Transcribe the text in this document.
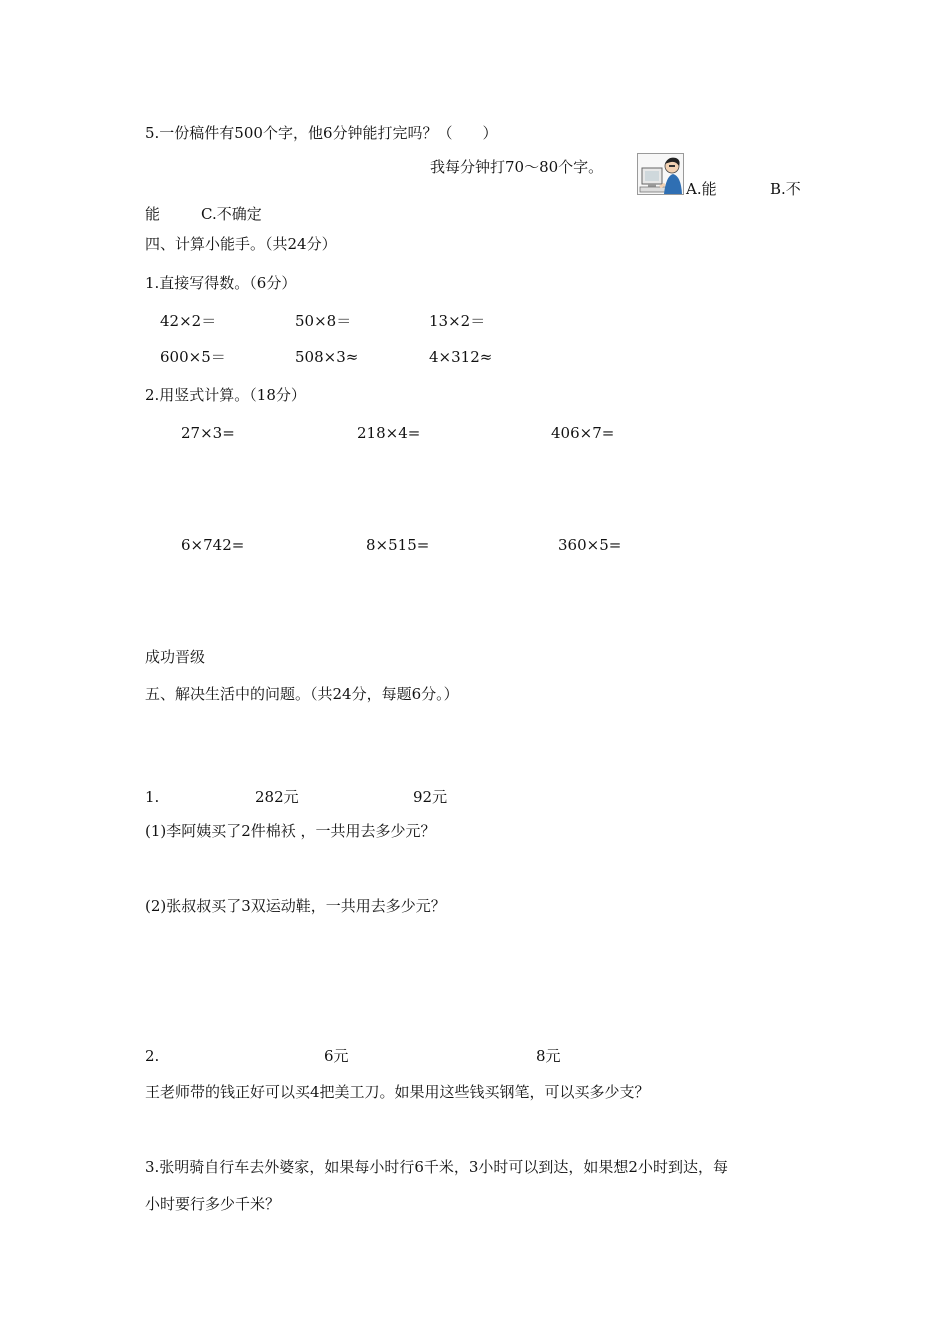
5.一份稿件有500个字，他6分钟能打完吗？（　　）
我每分钟打70～80个字。
A.能	B.不
能	C.不确定
四、计算小能手。（共24分）
1.直接写得数。（6分）
42×2＝	50×8＝	13×2＝
600×5＝	508×3≈	4×312≈
2.用竖式计算。（18分）
27×3=	218×4=	406×7=
6×742=	8×515=	360×5=
成功晋级
五、解决生活中的问题。（共24分，每题6分。）
1.	282元	92元
(1)李阿姨买了2件棉袄 ，一共用去多少元？
(2)张叔叔买了3双运动鞋，一共用去多少元？
2.	6元	8元
王老师带的钱正好可以买4把美工刀。如果用这些钱买钢笔，可以买多少支？
3.张明骑自行车去外婆家，如果每小时行6千米，3小时可以到达，如果想2小时到达，每
小时要行多少千米？
